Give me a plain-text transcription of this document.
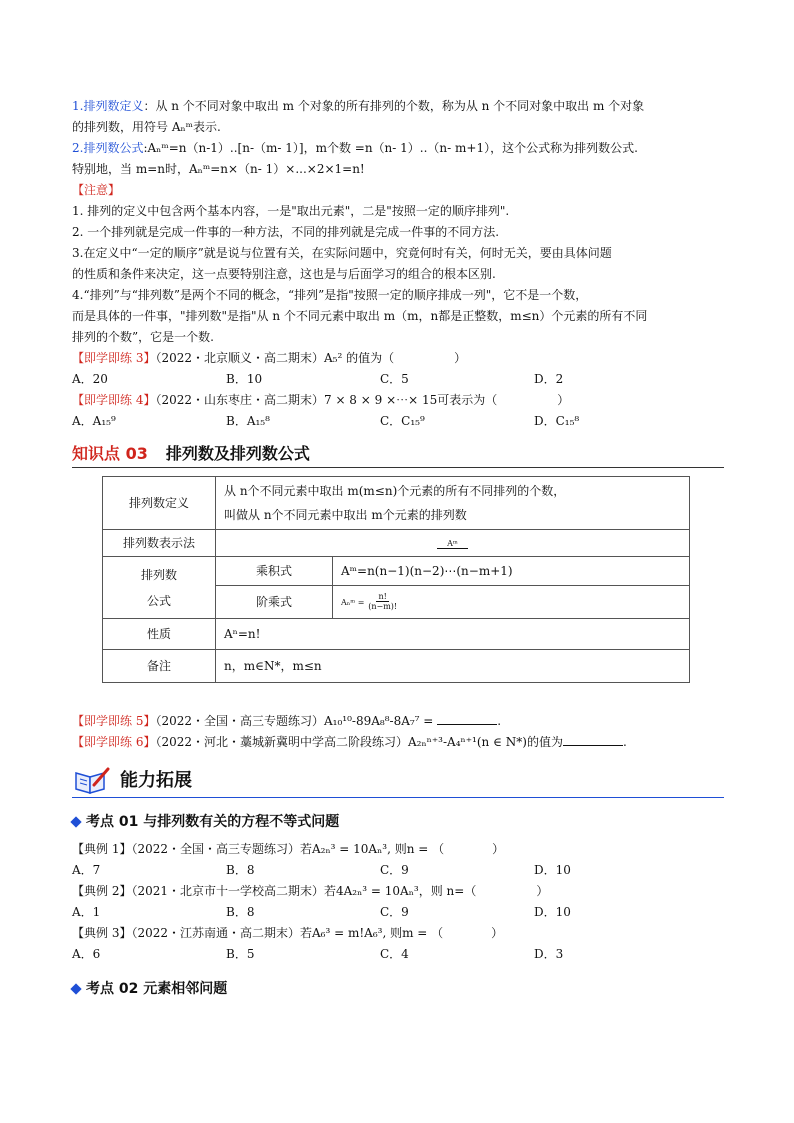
1.排列数定义：从 n 个不同对象中取出 m 个对象的所有排列的个数，称为从 n 个不同对象中取出 m 个对象

的排列数，用符号 Aₙᵐ表示.

2.排列数公式:Aₙᵐ=n（n-1）..[n-（m- 1）]，m个数 =n（n- 1）..（n- m+1），这个公式称为排列数公式.

特别地，当 m=n时，Aₙᵐ=n×（n- 1）×...×2×1=n!

【注意】

1. 排列的定义中包含两个基本内容，一是"取出元素"，二是"按照一定的顺序排列".

2. 一个排列就是完成一件事的一种方法，不同的排列就是完成一件事的不同方法.

3.在定义中“一定的顺序”就是说与位置有关，在实际问题中，究竟何时有关，何时无关，要由具体问题

的性质和条件来决定，这一点要特别注意，这也是与后面学习的组合的根本区别.

4.“排列”与“排列数”是两个不同的概念，“排列”是指"按照一定的顺序排成一列"，它不是一个数，

而是具体的一件事，"排列数"是指"从 n 个不同元素中取出 m（m，n都是正整数，m≤n）个元素的所有不同

排列的个数”，它是一个数.

【即学即练 3】（2022・北京顺义・高二期末）A₅² 的值为（　　　　　）

A．20	B．10	C．5	D．2

【即学即练 4】（2022・山东枣庄・高二期末）7 × 8 × 9 ×⋯× 15可表示为（　　　　　）

A．A₁₅⁹	B．A₁₅⁸	C．C₁₅⁹	D．C₁₅⁸
知识点 03 排列数及排列数公式
排列数定义	从 n个不同元素中取出 m(m≤n)个元素的所有不同排列的个数，
叫做从 n个不同元素中取出 m个元素的排列数	

排列数表示法	Aᵐ	

排列数
公式	乘积式	Aᵐ=n(n−1)(n−2)⋯(n−m+1)
	阶乘式	Aₙᵐ = $\frac{n!}{(n-m)!}$

性质	Aⁿ=n!	
备注	n，m∈N*，m≤n	

【即学即练 5】（2022・全国・高三专题练习）A₁₀¹⁰-89A₈⁸-8A₇⁷ =	.

【即学即练 6】（2022・河北・藁城新冀明中学高二阶段练习）A₂ₙⁿ⁺³-A₄ⁿ⁺¹(n ∈ N*)的值为	.

能力拓展
考点 01 与排列数有关的方程不等式问题

【典例 1】（2022・全国・高三专题练习）若A₂ₙ³ = 10Aₙ³, 则n = （　　　　）

A．7	B．8	C．9	D．10

【典例 2】（2021・北京市十一学校高二期末）若4A₂ₙ³ = 10Aₙ³，则 n=（　　　　　）

A．1	B．8	C．9	D．10

【典例 3】（2022・江苏南通・高二期末）若A₆³ = m!A₆³, 则m = （　　　　）

A．6	B．5	C．4	D．3
考点 02 元素相邻问题
